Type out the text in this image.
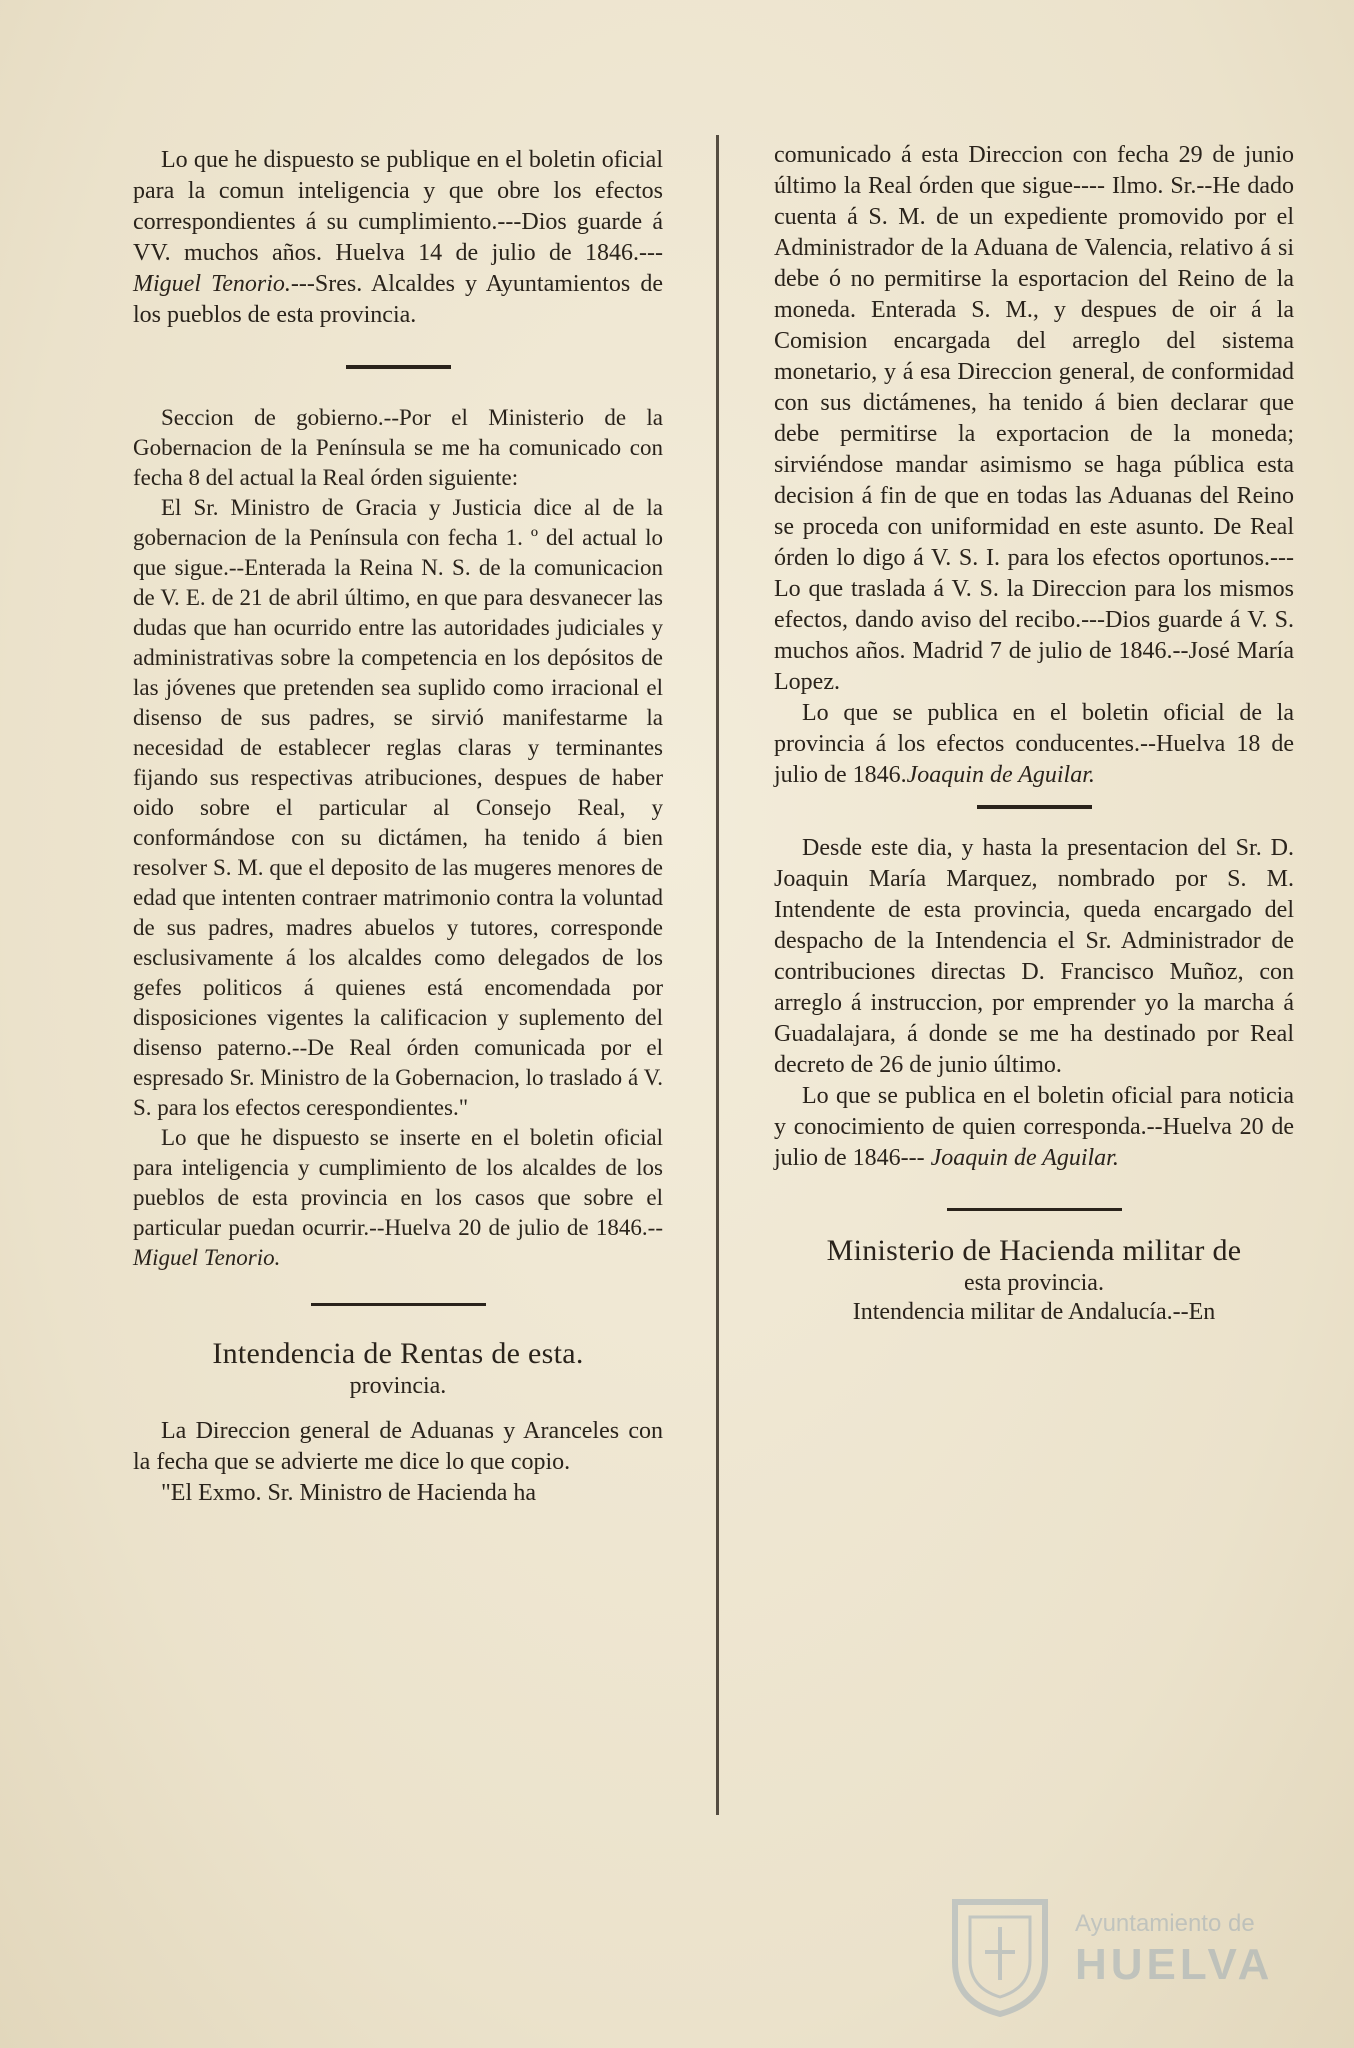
Lo que he dispuesto se publique en el boletin oficial para la comun inteligencia y que obre los efectos correspondientes á su cumplimiento.---Dios guarde á VV. muchos años. Huelva 14 de julio de 1846.--- Miguel Tenorio.---Sres. Alcaldes y Ayuntamientos de los pueblos de esta provincia.

Seccion de gobierno.--Por el Ministerio de la Gobernacion de la Península se me ha comunicado con fecha 8 del actual la Real órden siguiente:

El Sr. Ministro de Gracia y Justicia dice al de la gobernacion de la Península con fecha 1. º del actual lo que sigue.--Enterada la Reina N. S. de la comunicacion de V. E. de 21 de abril último, en que para desvanecer las dudas que han ocurrido entre las autoridades judiciales y administrativas sobre la competencia en los depósitos de las jóvenes que pretenden sea suplido como irracional el disenso de sus padres, se sirvió manifestarme la necesidad de establecer reglas claras y terminantes fijando sus respectivas atribuciones, despues de haber oido sobre el particular al Consejo Real, y conformándose con su dictámen, ha tenido á bien resolver S. M. que el deposito de las mugeres menores de edad que intenten contraer matrimonio contra la voluntad de sus padres, madres abuelos y tutores, corresponde esclusivamente á los alcaldes como delegados de los gefes politicos á quienes está encomendada por disposiciones vigentes la calificacion y suplemento del disenso paterno.--De Real órden comunicada por el espresado Sr. Ministro de la Gobernacion, lo traslado á V. S. para los efectos cerespondientes."

Lo que he dispuesto se inserte en el boletin oficial para inteligencia y cumplimiento de los alcaldes de los pueblos de esta provincia en los casos que sobre el particular puedan ocurrir.--Huelva 20 de julio de 1846.--Miguel Tenorio.

Intendencia de Rentas de esta.

provincia.

La Direccion general de Aduanas y Aranceles con la fecha que se advierte me dice lo que copio.

"El Exmo. Sr. Ministro de Hacienda ha

comunicado á esta Direccion con fecha 29 de junio último la Real órden que sigue---- Ilmo. Sr.--He dado cuenta á S. M. de un expediente promovido por el Administrador de la Aduana de Valencia, relativo á si debe ó no permitirse la esportacion del Reino de la moneda. Enterada S. M., y despues de oir á la Comision encargada del arreglo del sistema monetario, y á esa Direccion general, de conformidad con sus dictámenes, ha tenido á bien declarar que debe permitirse la exportacion de la moneda; sirviéndose mandar asimismo se haga pública esta decision á fin de que en todas las Aduanas del Reino se proceda con uniformidad en este asunto. De Real órden lo digo á V. S. I. para los efectos oportunos.---Lo que traslada á V. S. la Direccion para los mismos efectos, dando aviso del recibo.---Dios guarde á V. S. muchos años. Madrid 7 de julio de 1846.--José María Lopez.

Lo que se publica en el boletin oficial de la provincia á los efectos conducentes.--Huelva 18 de julio de 1846.Joaquin de Aguilar.

Desde este dia, y hasta la presentacion del Sr. D. Joaquin María Marquez, nombrado por S. M. Intendente de esta provincia, queda encargado del despacho de la Intendencia el Sr. Administrador de contribuciones directas D. Francisco Muñoz, con arreglo á instruccion, por emprender yo la marcha á Guadalajara, á donde se me ha destinado por Real decreto de 26 de junio último.

Lo que se publica en el boletin oficial para noticia y conocimiento de quien corresponda.--Huelva 20 de julio de 1846--- Joaquin de Aguilar.

Ministerio de Hacienda militar de

esta provincia.

Intendencia militar de Andalucía.--En

Ayuntamiento de
HUELVA
